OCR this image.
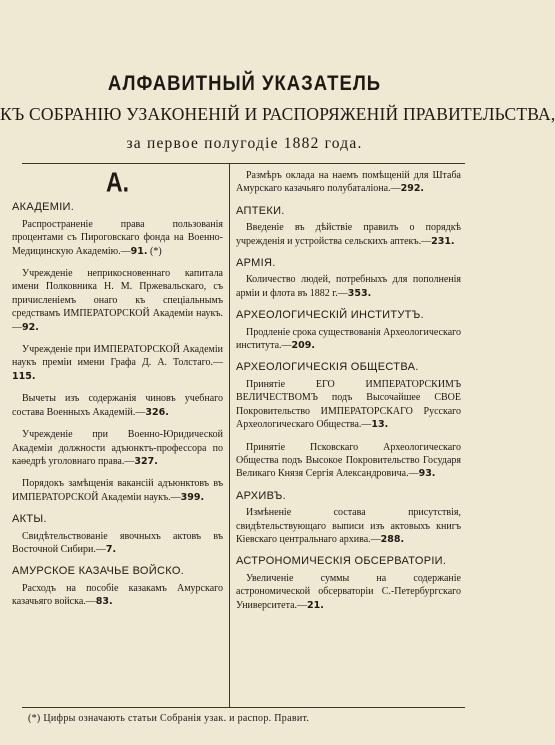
АЛФАВИТНЫЙ УКАЗАТЕЛЬ
КЪ СОБРАНІЮ УЗАКОНЕНІЙ И РАСПОРЯЖЕНІЙ ПРАВИТЕЛЬСТВА,
за первое полугодіе 1882 года.
А.
АКАДЕМІИ.
Распространеніе права пользованія процентами съ Пироговскаго фонда на Военно-Медицинскую Академію.—91. (*)
Учрежденіе неприкосновеннаго капитала имени Полковника Н. М. Пржевальскаго, съ причисленіемъ онаго къ спеціальнымъ средствамъ ИМПЕРАТОРСКОЙ Академіи наукъ.—92.
Учрежденіе при ИМПЕРАТОРСКОЙ Академіи наукъ преміи имени Графа Д. А. Толстаго.—115.
Вычеты изъ содержанія чиновъ учебнаго состава Военныхъ Академій.—326.
Учрежденіе при Военно-Юридической Академіи должности адъюнктъ-профессора по каѳедрѣ уголовнаго права.—327.
Порядокъ замѣщенія вакансій адъюнктовъ въ ИМПЕРАТОРСКОЙ Академіи наукъ.—399.
АКТЫ.
Свидѣтельствованіе явочныхъ актовъ въ Восточной Сибири.—7.
АМУРСКОЕ КАЗАЧЬЕ ВОЙСКО.
Расходъ на пособіе казакамъ Амурскаго казачьяго войска.—83.
Размѣръ оклада на наемъ помѣщеній для Штаба Амурскаго казачьяго полубаталіона.—292.
АПТЕКИ.
Введеніе въ дѣйствіе правилъ о порядкѣ учрежденія и устройства сельскихъ аптекъ.—231.
АРМІЯ.
Количество людей, потребныхъ для пополненія арміи и флота въ 1882 г.—353.
АРХЕОЛОГИЧЕСКІЙ ИНСТИТУТЪ.
Продленіе срока существованія Археологическаго института.—209.
АРХЕОЛОГИЧЕСКІЯ ОБЩЕСТВА.
Принятіе ЕГО ИМПЕРАТОРСКИМЪ ВЕЛИЧЕСТВОМЪ подъ Высочайшее СВОЕ Покровительство ИМПЕРАТОРСКАГО Русскаго Археологическаго Общества.—13.
Принятіе Псковскаго Археологическаго Общества подъ Высокое Покровительство Государя Великаго Князя Сергія Александровича.—93.
АРХИВЪ.
Измѣненіе состава присутствія, свидѣтельствующаго выписи изъ актовыхъ книгъ Кіевскаго центральнаго архива.—288.
АСТРОНОМИЧЕСКІЯ ОБСЕРВАТОРІИ.
Увеличеніе суммы на содержаніе астрономической обсерваторіи С.-Петербургскаго Университета.—21.
(*) Цифры означають статьи Собранія узак. и распор. Правит.
